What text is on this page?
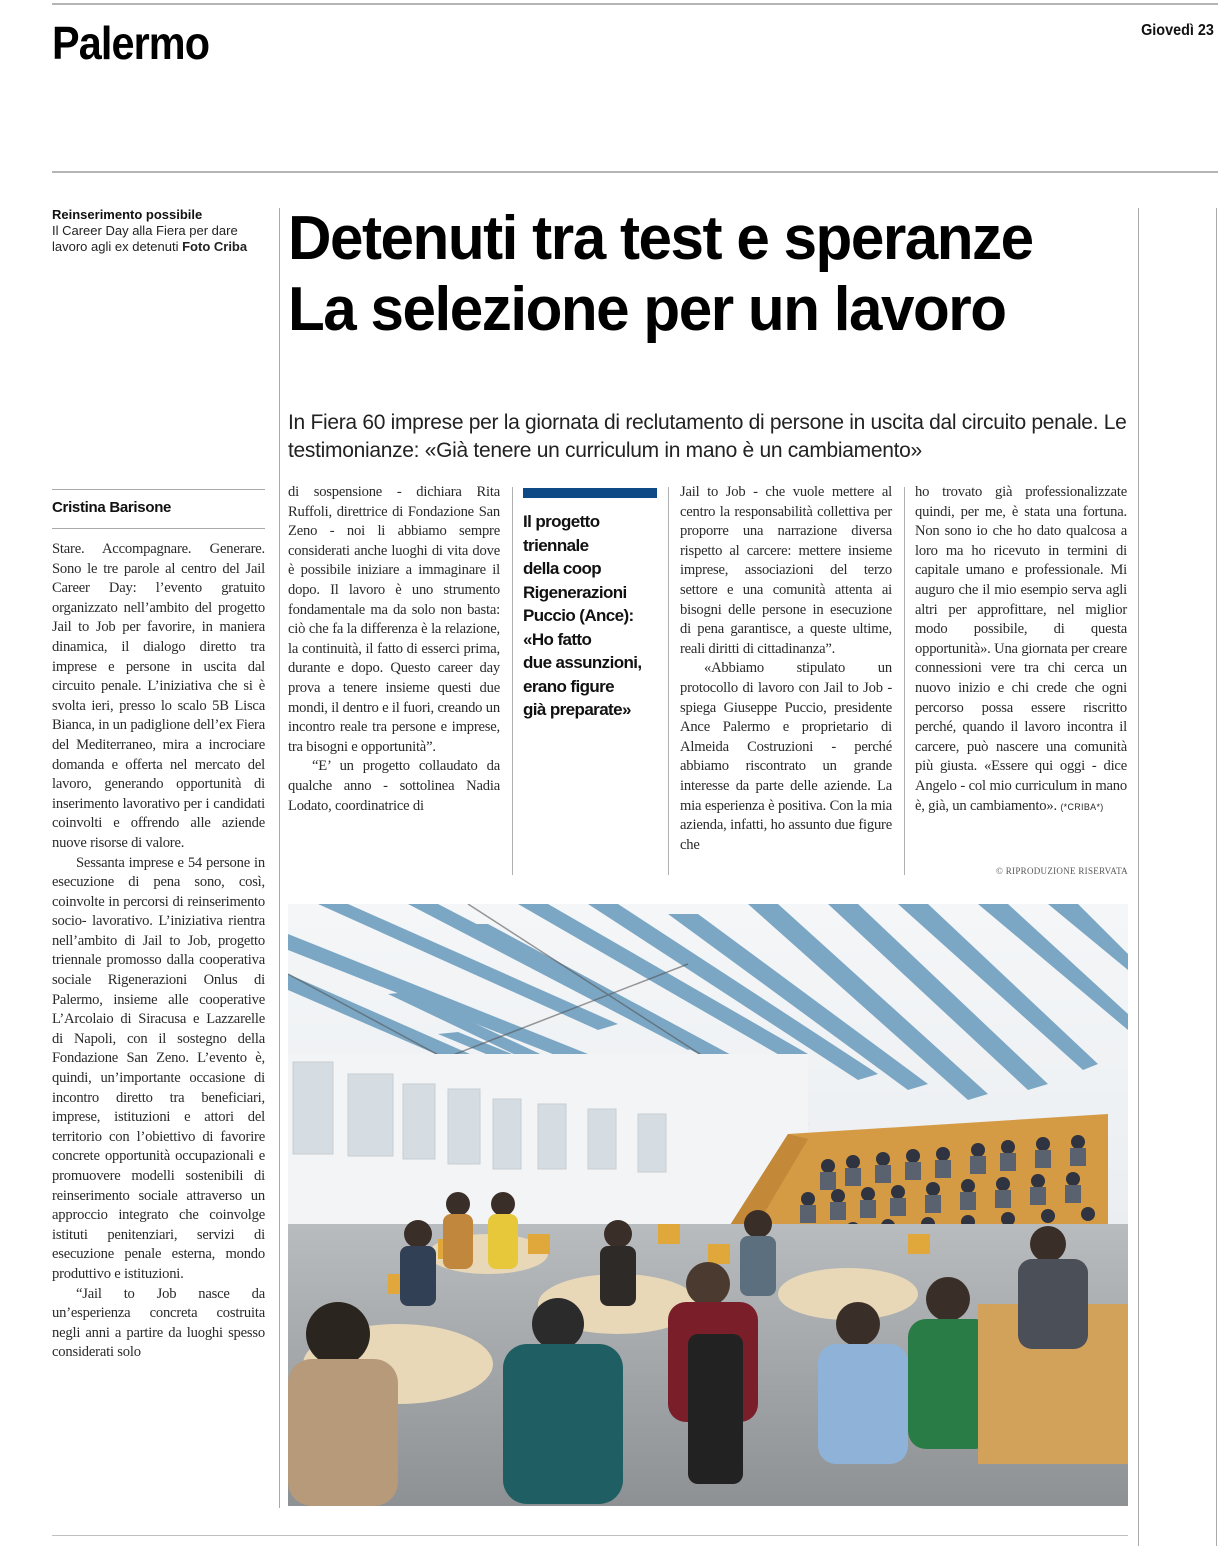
Palermo	Giovedì 23
Reinserimento possibile
Il Career Day alla Fiera per dare lavoro agli ex detenuti Foto Criba Detenuti tra test e speranze
La selezione per un lavoro
In Fiera 60 imprese per la giornata di reclutamento di persone in uscita dal circuito penale. Le testimonianze: «Già tenere un curriculum in mano è un cambiamento»
Cristina Barisone

Stare. Accompagnare. Generare. Sono le tre parole al centro del Jail Career Day: l’evento gratuito organizzato nell’ambito del progetto Jail to Job per favorire, in maniera dinamica, il dialogo diretto tra imprese e persone in uscita dal circuito penale. L’iniziativa che si è svolta ieri, presso lo scalo 5B Lisca Bianca, in un padiglione dell’ex Fiera del Mediterraneo, mira a incrociare domanda e offerta nel mercato del lavoro, generando opportunità di inserimento lavorativo per i candidati coinvolti e offrendo alle aziende nuove risorse di valore.

Sessanta imprese e 54 persone in esecuzione di pena sono, così, coinvolte in percorsi di reinserimento socio- lavorativo. L’iniziativa rientra nell’ambito di Jail to Job, progetto triennale promosso dalla cooperativa sociale Rigenerazioni Onlus di Palermo, insieme alle cooperative L’Arcolaio di Siracusa e Lazzarelle di Napoli, con il sostegno della Fondazione San Zeno. L’evento è, quindi, un’importante occasione di incontro diretto tra beneficiari, imprese, istituzioni e attori del territorio con l’obiettivo di favorire concrete opportunità occupazionali e promuovere modelli sostenibili di reinserimento sociale attraverso un approccio integrato che coinvolge istituti penitenziari, servizi di esecuzione penale esterna, mondo produttivo e istituzioni.

“Jail to Job nasce da un’esperienza concreta costruita negli anni a partire da luoghi spesso considerati solo

di sospensione - dichiara Rita Ruffoli, direttrice di Fondazione San Zeno - noi li abbiamo sempre considerati anche luoghi di vita dove è possibile iniziare a immaginare il dopo. Il lavoro è uno strumento fondamentale ma da solo non basta: ciò che fa la differenza è la relazione, la continuità, il fatto di esserci prima, durante e dopo. Questo career day prova a tenere insieme questi due mondi, il dentro e il fuori, creando un incontro reale tra persone e imprese, tra bisogni e opportunità”.

“E’ un progetto collaudato da qualche anno - sottolinea Nadia Lodato, coordinatrice di

Il progetto
triennale
della coop
Rigenerazioni
Puccio (Ance):
«Ho fatto
due assunzioni,
erano figure
già preparate»

Jail to Job - che vuole mettere al centro la responsabilità collettiva per proporre una narrazione diversa rispetto al carcere: mettere insieme imprese, associazioni del terzo settore e una comunità attenta ai bisogni delle persone in esecuzione di pena garantisce, a queste ultime, reali diritti di cittadinanza”.

«Abbiamo stipulato un protocollo di lavoro con Jail to Job - spiega Giuseppe Puccio, presidente Ance Palermo e proprietario di Almeida Costruzioni - perché abbiamo riscontrato un grande interesse da parte delle aziende. La mia esperienza è positiva. Con la mia azienda, infatti, ho assunto due figure che

ho trovato già professionalizzate quindi, per me, è stata una fortuna. Non sono io che ho dato qualcosa a loro ma ho ricevuto in termini di capitale umano e professionale. Mi auguro che il mio esempio serva agli altri per approfittare, nel miglior modo possibile, di questa opportunità». Una giornata per creare connessioni vere tra chi cerca un nuovo inizio e chi crede che ogni percorso possa essere riscritto perché, quando il lavoro incontra il carcere, può nascere una comunità più giusta. «Essere qui oggi - dice Angelo - col mio curriculum in mano è, già, un cambiamento». (*CRIBA*)

© RIPRODUZIONE RISERVATA
